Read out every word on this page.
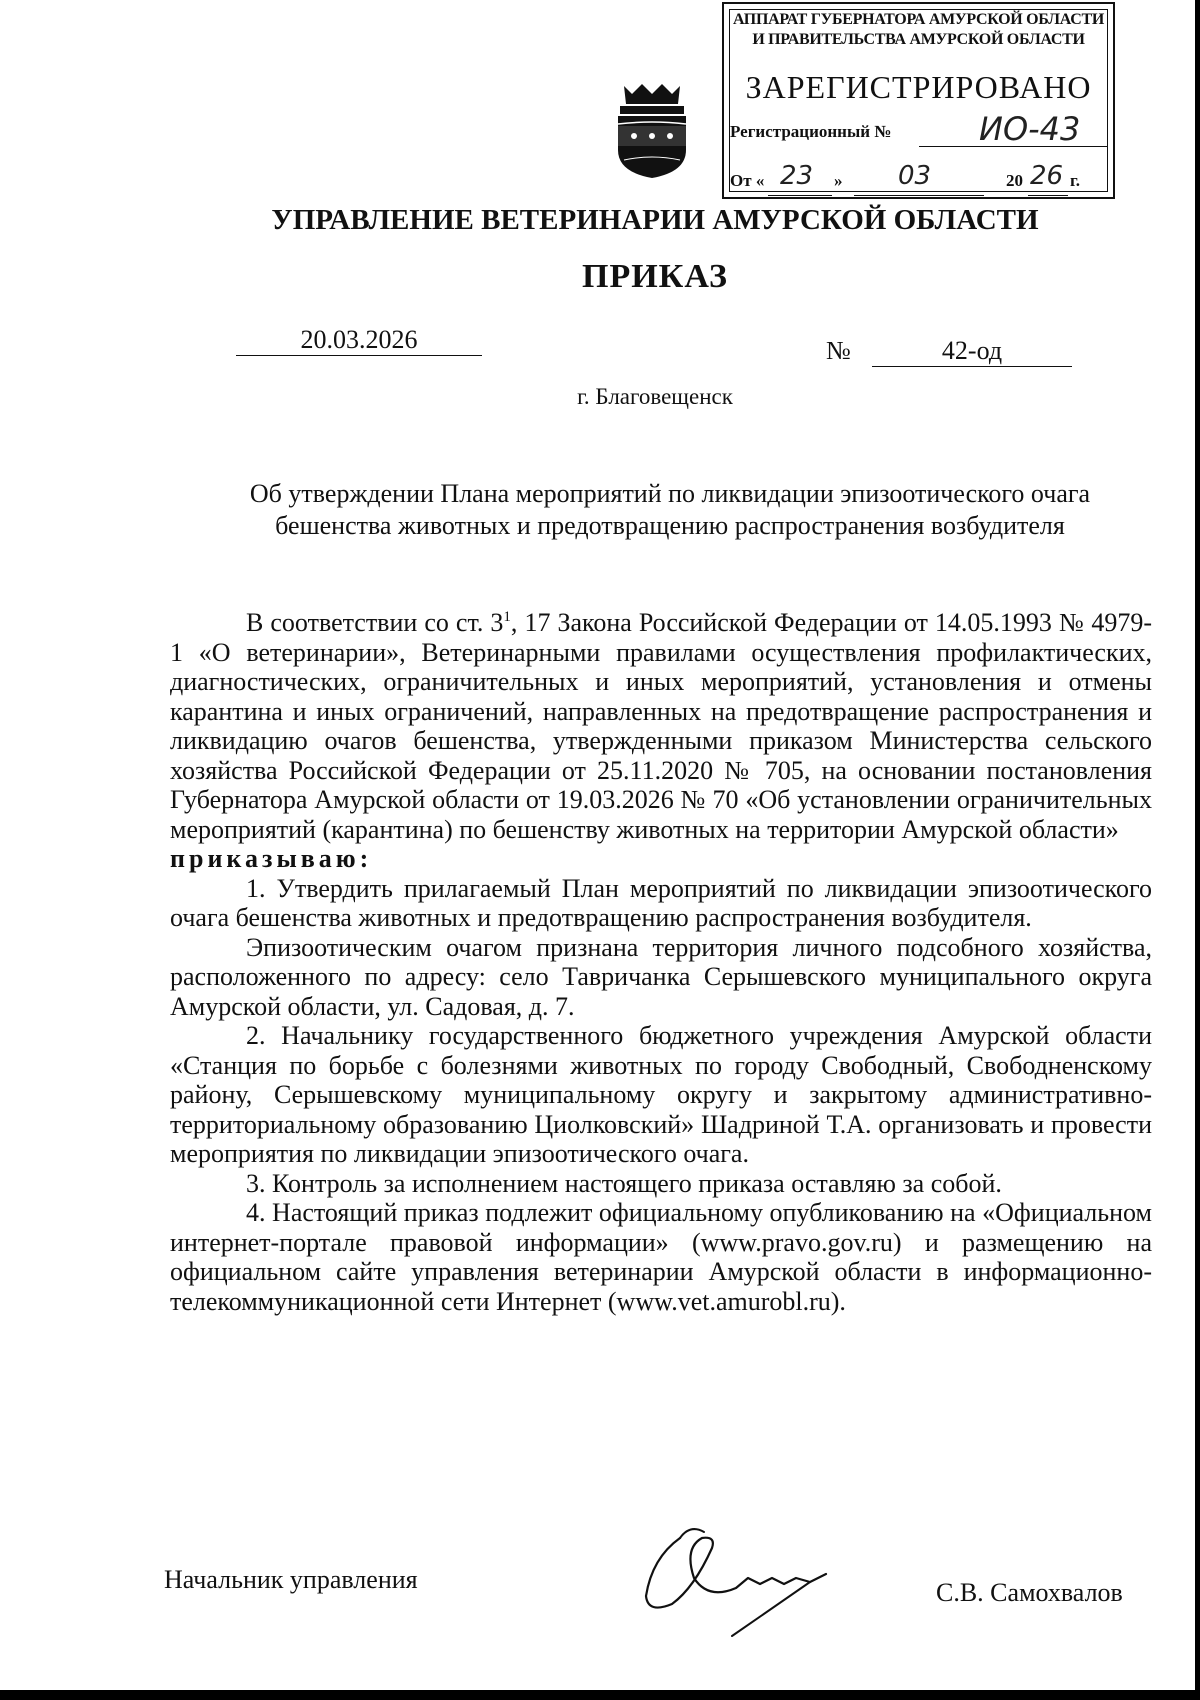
АППАРАТ ГУБЕРНАТОРА АМУРСКОЙ ОБЛАСТИ
И ПРАВИТЕЛЬСТВА АМУРСКОЙ ОБЛАСТИ
ЗАРЕГИСТРИРОВАНО
Регистрационный №	ИО-43
От « 23 » 03	20 26 г.
УПРАВЛЕНИЕ ВЕТЕРИНАРИИ АМУРСКОЙ ОБЛАСТИ
ПРИКАЗ
20.03.2026	№	42-од
г. Благовещенск
Об утверждении Плана мероприятий по ликвидации эпизоотического очага
бешенства животных и предотвращению распространения возбудителя

В соответствии со ст. $3^1$, 17 Закона Российской Федерации от 14.05.1993 № 4979-1 «О ветеринарии», Ветеринарными правилами осуществления профилактических, диагностических, ограничительных и иных мероприятий, установления и отмены карантина и иных ограничений, направленных на предотвращение распространения и ликвидацию очагов бешенства, утвержденными приказом Министерства сельского хозяйства Российской Федерации от 25.11.2020 № 705, на основании постановления Губернатора Амурской области от 19.03.2026 № 70 «Об установлении ограничительных мероприятий (карантина) по бешенству животных на территории Амурской области»

приказываю:

1. Утвердить прилагаемый План мероприятий по ликвидации эпизоотического очага бешенства животных и предотвращению распространения возбудителя.

Эпизоотическим очагом признана территория личного подсобного хозяйства, расположенного по адресу: село Тавричанка Серышевского муниципального округа Амурской области, ул. Садовая, д. 7.

2. Начальнику государственного бюджетного учреждения Амурской области «Станция по борьбе с болезнями животных по городу Свободный, Свободненскому району, Серышевскому муниципальному округу и закрытому административно-территориальному образованию Циолковский» Шадриной Т.А. организовать и провести мероприятия по ликвидации эпизоотического очага.

3. Контроль за исполнением настоящего приказа оставляю за собой.

4. Настоящий приказ подлежит официальному опубликованию на «Официальном интернет-портале правовой информации» (www.pravo.gov.ru) и размещению на официальном сайте управления ветеринарии Амурской области в информационно-телекоммуникационной сети Интернет (www.vet.amurobl.ru).

Начальник управления	С.В. Самохвалов
